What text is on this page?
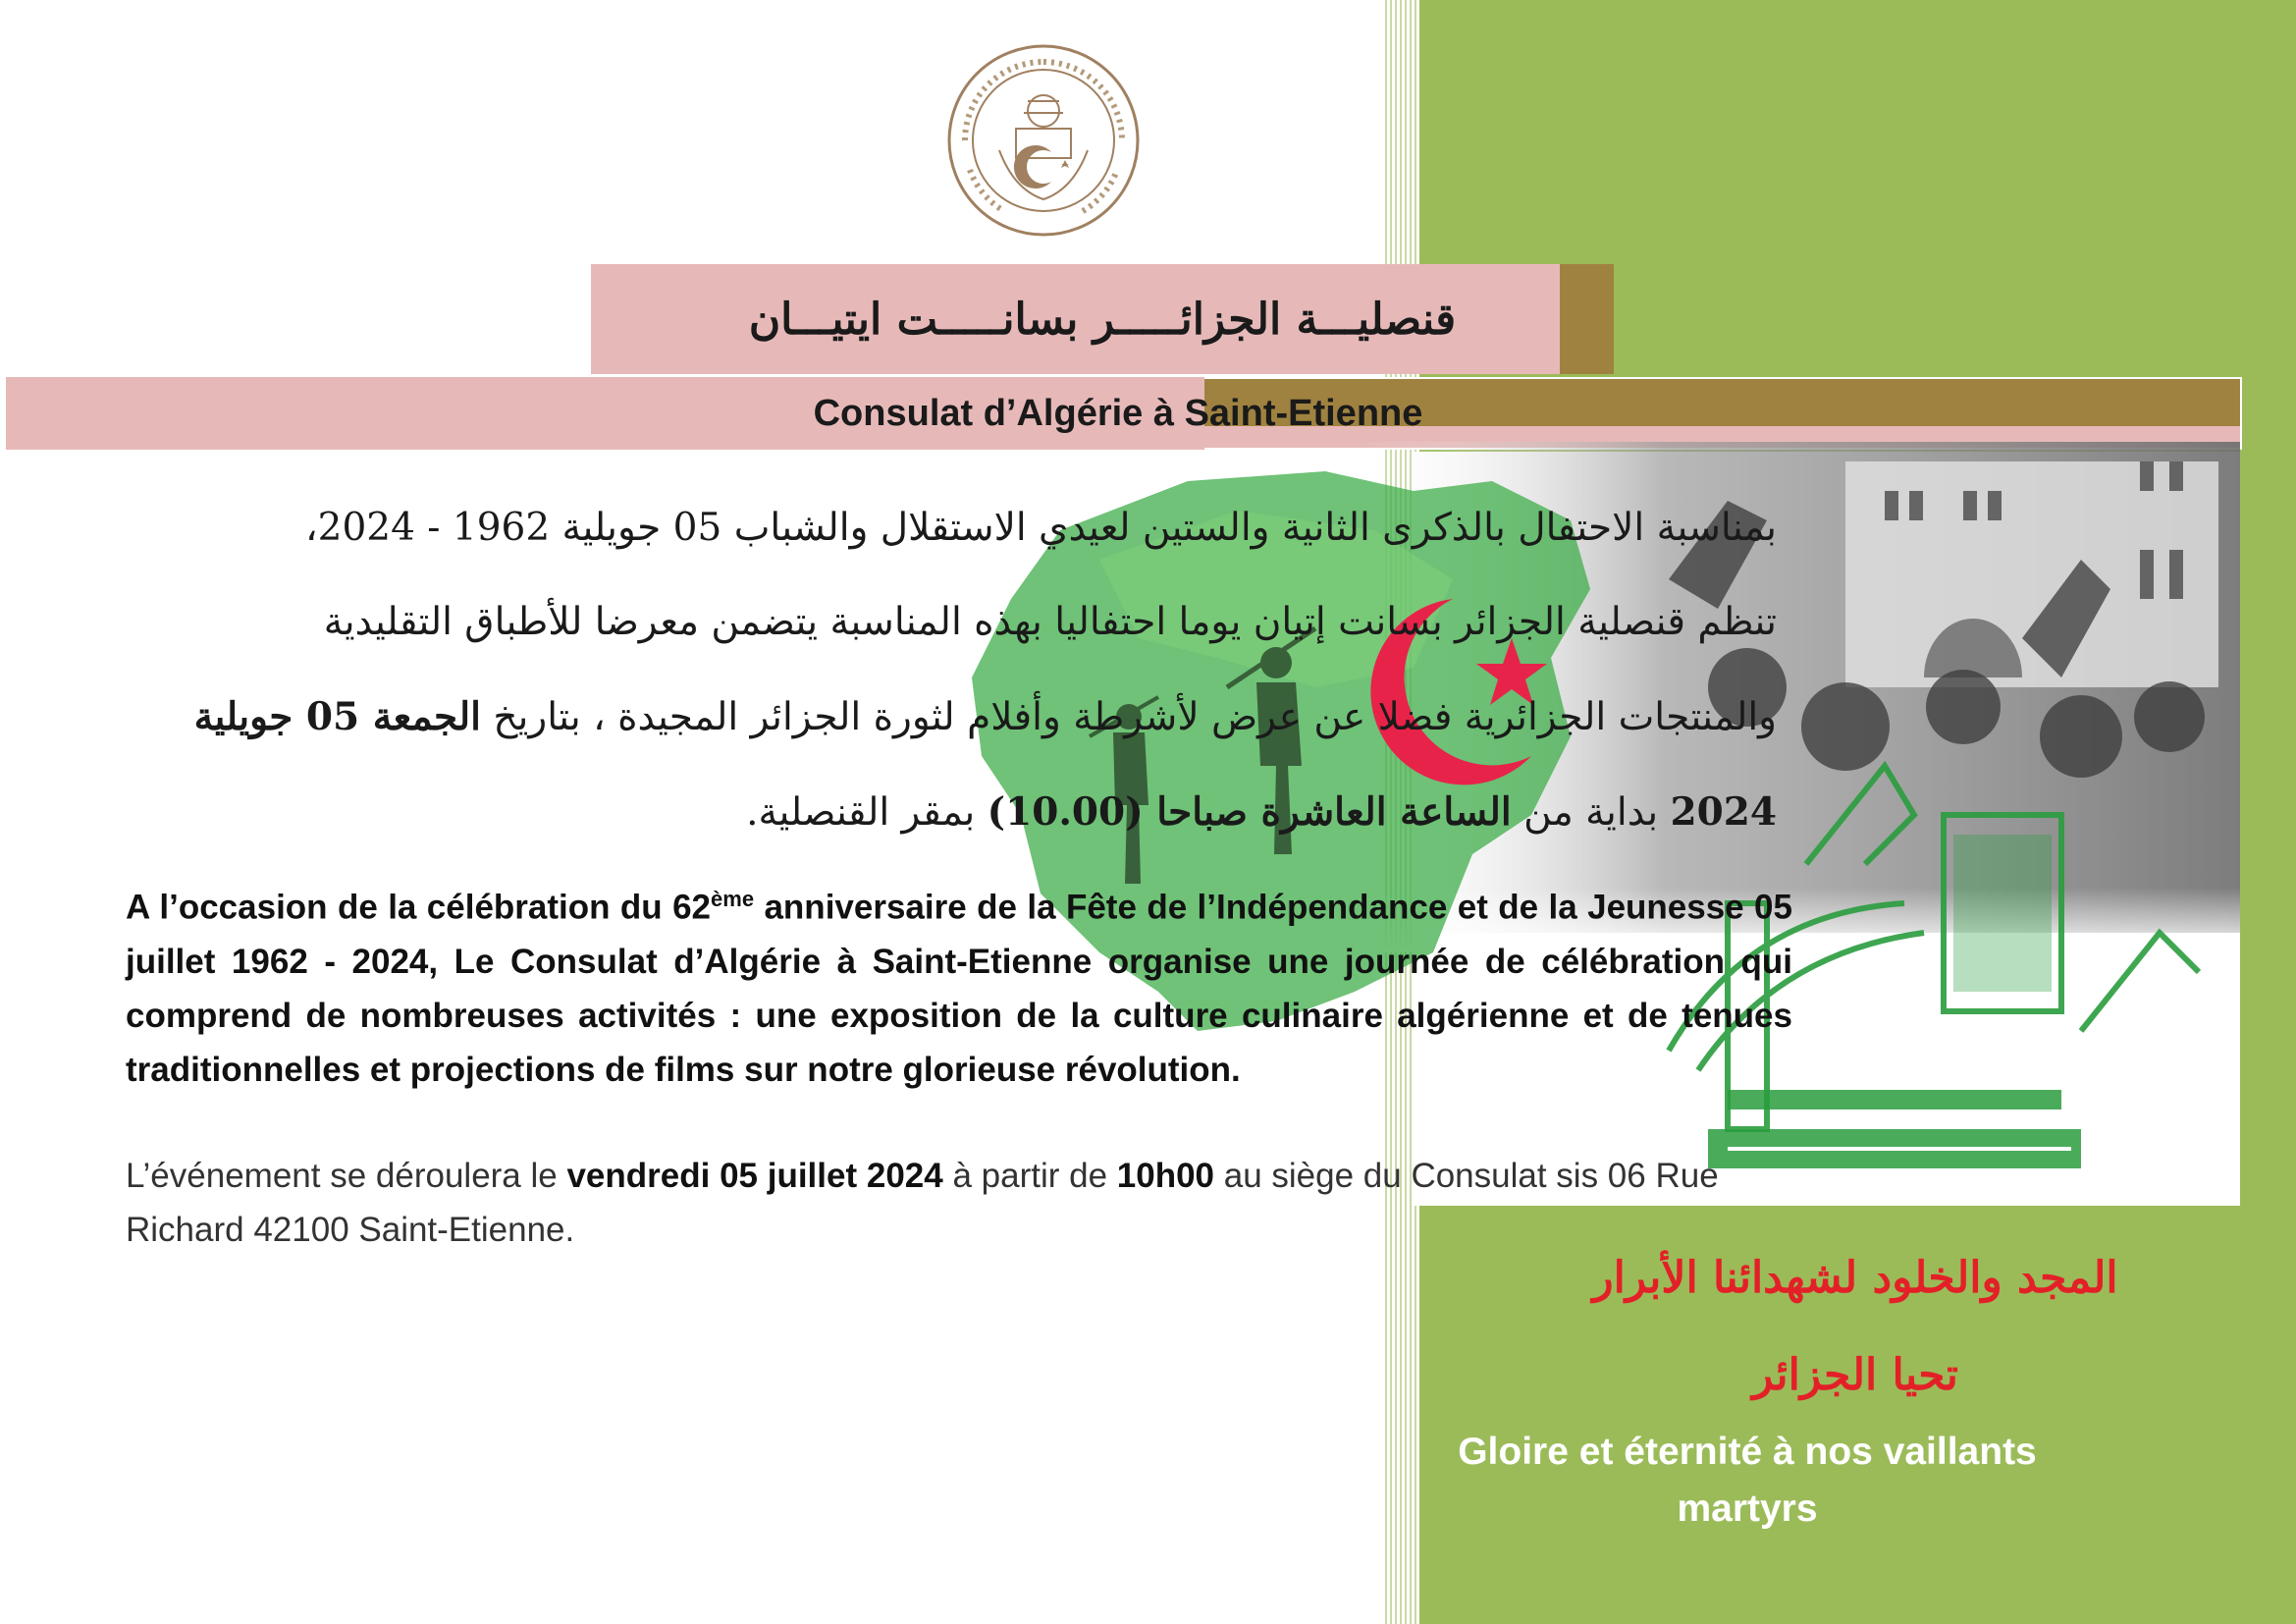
قنصليـــة الجزائـــــر بسانـــــت ايتيـــان
Consulat d’Algérie à Saint-Etienne

بمناسبة الاحتفال بالذكرى الثانية والستين لعيدي الاستقلال والشباب 05 جويلية 1962 - 2024،

تنظم قنصلية الجزائر بسانت إتيان يوما احتفاليا بهذه المناسبة يتضمن معرضا للأطباق التقليدية

والمنتجات الجزائرية فضلا عن عرض لأشرطة وأفلام لثورة الجزائر المجيدة ، بتاريخ الجمعة 05 جويلية

2024 بداية من الساعة العاشرة صباحا (10.00) بمقر القنصلية.

A l’occasion de la célébration du 62ème anniversaire de la Fête de l’Indépendance et de la Jeunesse 05 juillet 1962 - 2024, Le Consulat d’Algérie à Saint-Etienne organise une journée de célébration qui comprend de nombreuses activités : une exposition de la culture culinaire algérienne et de tenues traditionnelles et projections de films sur notre glorieuse révolution.

L’événement se déroulera le vendredi 05 juillet 2024 à partir de 10h00 au siège du Consulat sis 06 Rue Richard 42100 Saint-Etienne.

المجد والخلود لشهدائنا الأبرار
تحيا الجزائر
Gloire et éternité à nos vaillants martyrs
